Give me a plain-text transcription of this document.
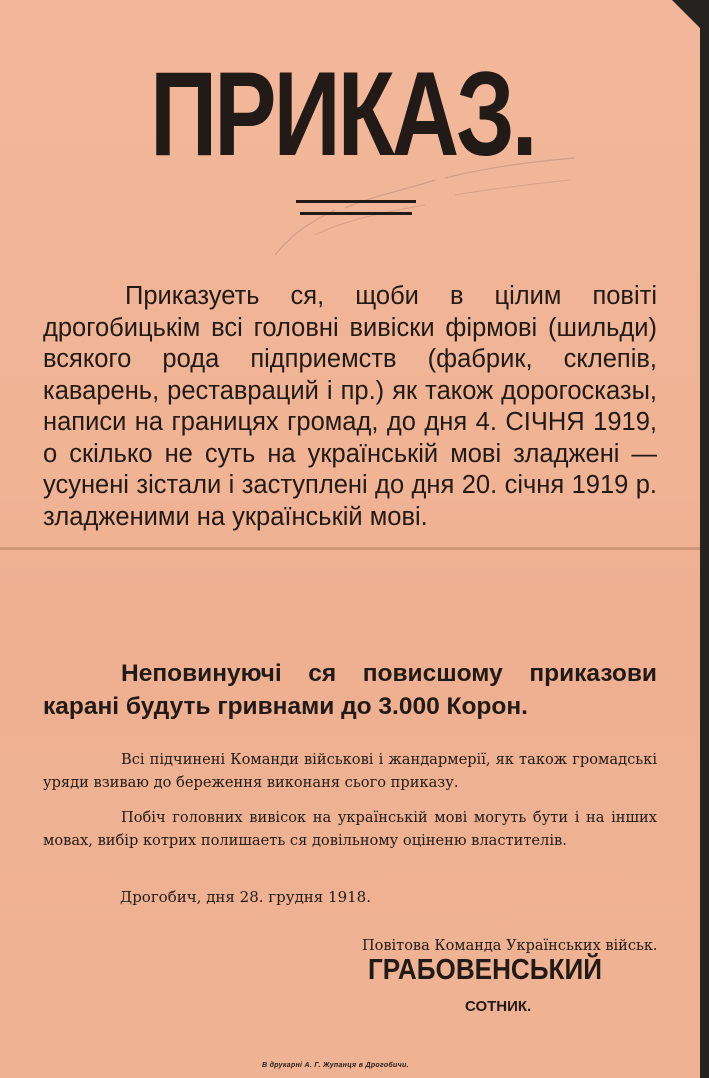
ПРИКАЗ.

Приказуеть ся, щоби в цілим повіті дрогобицькім всі головні вивіски фірмові (шильди) всякого рода підприемств (фабрик, склепів, каварень, реставраций і пр.) як також дорогосказы, написи на границях громад, до дня 4. СІЧНЯ 1919, о скілько не суть на українській мові зладжені — усунені зістали і заступлені до дня 20. січня 1919 р. зладженими на українській мові.

Неповинуючі ся повисшому приказови карані будуть гривнами до 3.000 Корон.

Всі підчинені Команди військові і жандармерії, як також громадські уряди взиваю до береження виконаня сього приказу.

Побіч головних вивісок на українській мові могуть бути і на інших мовах, вибір котрих полишаеть ся довільному оціненю властителів.

Дрогобич, дня 28. грудня 1918.
Повітова Команда Українських військ.
ГРАБОВЕНСЬКИЙ
СОТНИК.
В друкарні А. Г. Жупанця в Дрогобичи.
